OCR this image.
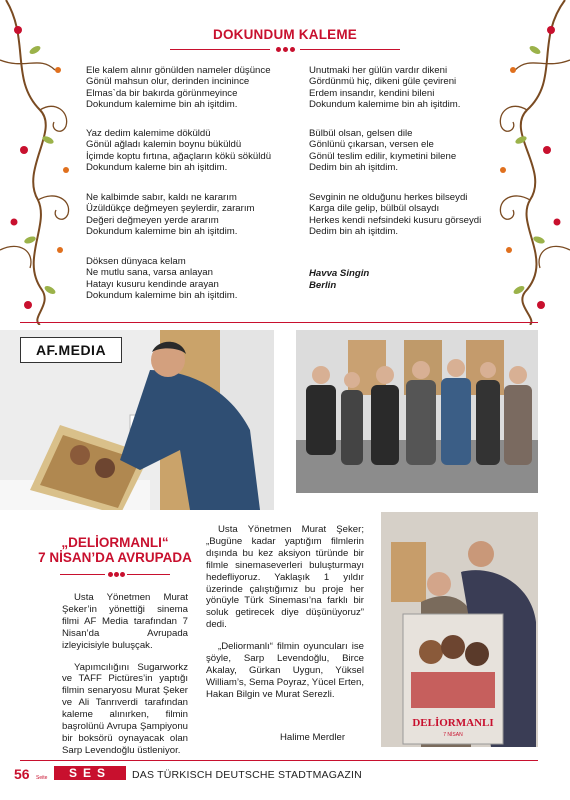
DOKUNDUM KALEME
Ele kalem alınır gönülden nameler düşünce
Gönül mahsun olur, derinden incinince
Elmas`da bir bakırda görünmeyince
Dokundum kalemime bin ah işitdim.
Yaz dedim kalemime döküldü
Gönül ağladı kalemin boynu büküldü
İçimde koptu fırtına, ağaçların kökü söküldü
Dokundum kaleme bin ah işitdim.
Ne kalbimde sabır, kaldı ne kararım
Üzüldükçe değmeyen şeylerdir, zararım
Değeri değmeyen yerde ararım
Dokundum kalemime bin ah işitdim.
Döksen dünyaca kelam
Ne mutlu sana, varsa anlayan
Hatayı kusuru kendinde arayan
Dokundum kalemime bin ah işitdim.
Unutmaki her gülün vardır dikeni
Gördünmü hiç, dikeni güle çevireni
Erdem insandır, kendini bileni
Dokundum kalemime bin ah işitdim.
Bülbül olsan, gelsen dile
Gönlünü çıkarsan, versen ele
Gönül teslim edilir, kıymetini bilene
Dedim bin ah işitdim.
Sevginin ne olduğunu herkes bilseydi
Karga dile gelip, bülbül olsaydı
Herkes kendi nefsindeki kusuru görseydi
Dedim bin ah işitdim.
Havva Singin
Berlin
AF.MEDIA
DELİORMANLI
7 NİSAN
„DELİORMANLI“
7 NİSAN’DA AVRUPADA

Usta Yönetmen Murat Şeker’in yönettiği sinema filmi AF Media tarafından 7 Nisan’da Avrupada izleyicisiyle buluşçak.

Yapımcılığını Sugarworkz ve TAFF Pictüres’in yaptığı filmin senaryosu Murat Şeker ve Ali Tanrıverdi tarafından kaleme alınırken, filmin başrolünü Avrupa Şampiyonu bir boksörü oynayacak olan Sarp Levendoğlu üstleniyor.

Usta Yönetmen Murat Şeker; „Bugüne kadar yaptığım filmlerin dışında bu kez aksiyon türünde bir filmle sinemaseverleri buluşturmayı hedefliyoruz. Yaklaşık 1 yıldır üzerinde çalıştığımız bu proje her yönüyle Türk Sineması’na farklı bir soluk getirecek diye düşünüyoruz” dedi.

„Deliormanlı“ filmin oyuncuları ise şöyle, Sarp Levendoğlu, Birce Akalay, Gürkan Uygun, Yüksel William’s, Sema Poyraz, Yücel Erten, Hakan Bilgin ve Murat Serezli.

Halime Merdler
56 Seite	SES	DAS TÜRKISCH DEUTSCHE STADTMAGAZIN
